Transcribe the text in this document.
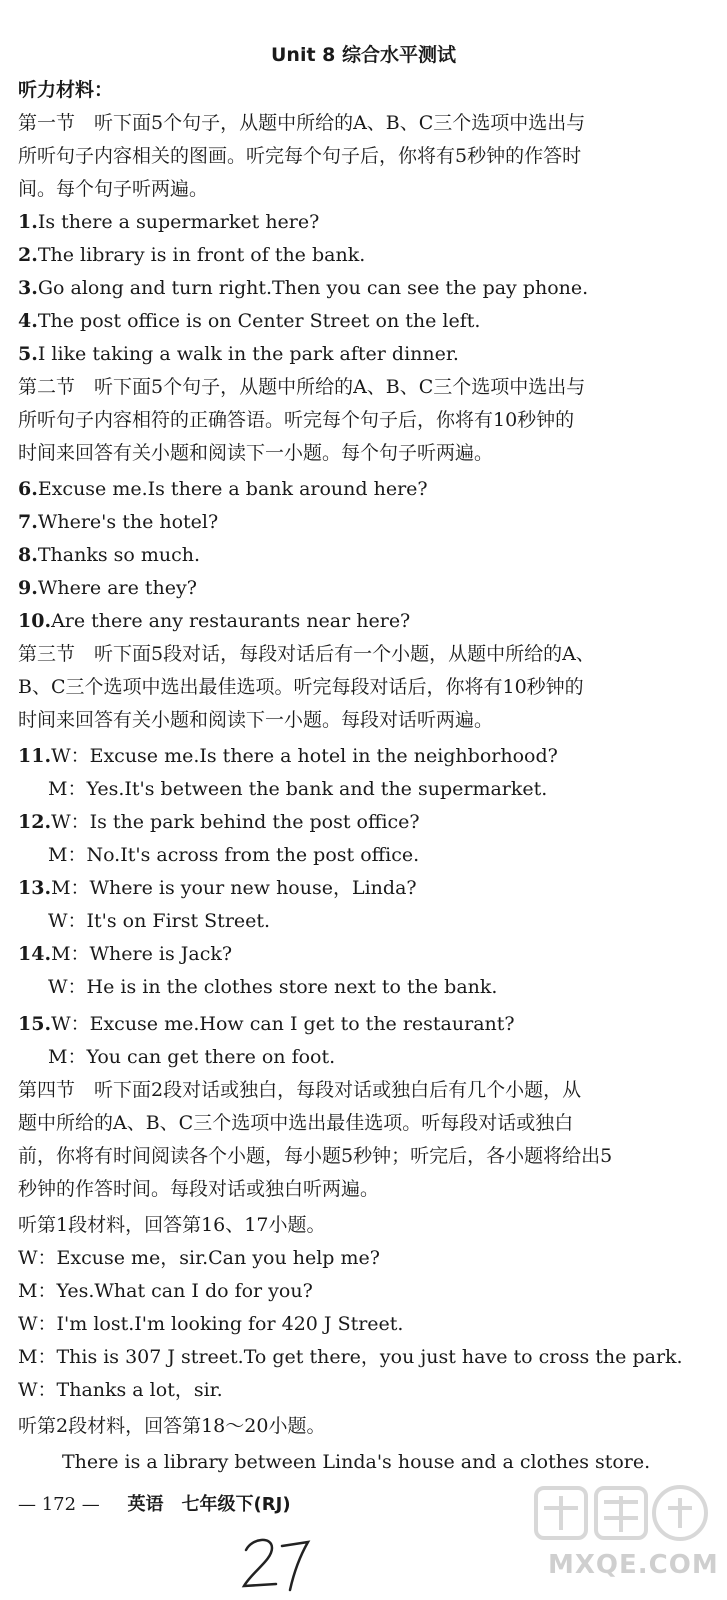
Unit 8 综合水平测试
听力材料：
第一节　听下面5个句子，从题中所给的A、B、C三个选项中选出与
所听句子内容相关的图画。听完每个句子后，你将有5秒钟的作答时
间。每个句子听两遍。
1.Is there a supermarket here?
2.The library is in front of the bank.
3.Go along and turn right.Then you can see the pay phone.
4.The post office is on Center Street on the left.
5.I like taking a walk in the park after dinner.
第二节　听下面5个句子，从题中所给的A、B、C三个选项中选出与
所听句子内容相符的正确答语。听完每个句子后，你将有10秒钟的
时间来回答有关小题和阅读下一小题。每个句子听两遍。
6.Excuse me.Is there a bank around here?
7.Where's the hotel?
8.Thanks so much.
9.Where are they?
10.Are there any restaurants near here?
第三节　听下面5段对话，每段对话后有一个小题，从题中所给的A、
B、C三个选项中选出最佳选项。听完每段对话后，你将有10秒钟的
时间来回答有关小题和阅读下一小题。每段对话听两遍。
11.W：Excuse me.Is there a hotel in the neighborhood?
M：Yes.It's between the bank and the supermarket.
12.W：Is the park behind the post office?
M：No.It's across from the post office.
13.M：Where is your new house，Linda?
W：It's on First Street.
14.M：Where is Jack?
W：He is in the clothes store next to the bank.
15.W：Excuse me.How can I get to the restaurant?
M：You can get there on foot.
第四节　听下面2段对话或独白，每段对话或独白后有几个小题，从
题中所给的A、B、C三个选项中选出最佳选项。听每段对话或独白
前，你将有时间阅读各个小题，每小题5秒钟；听完后，各小题将给出5
秒钟的作答时间。每段对话或独白听两遍。
听第1段材料，回答第16、17小题。
W：Excuse me，sir.Can you help me?
M：Yes.What can I do for you?
W：I'm lost.I'm looking for 420 J Street.
M：This is 307 J street.To get there，you just have to cross the park.
W：Thanks a lot，sir.
听第2段材料，回答第18～20小题。
There is a library between Linda's house and a clothes store.
— 172 — 英语　七年级下(RJ)
MXQE.COM
